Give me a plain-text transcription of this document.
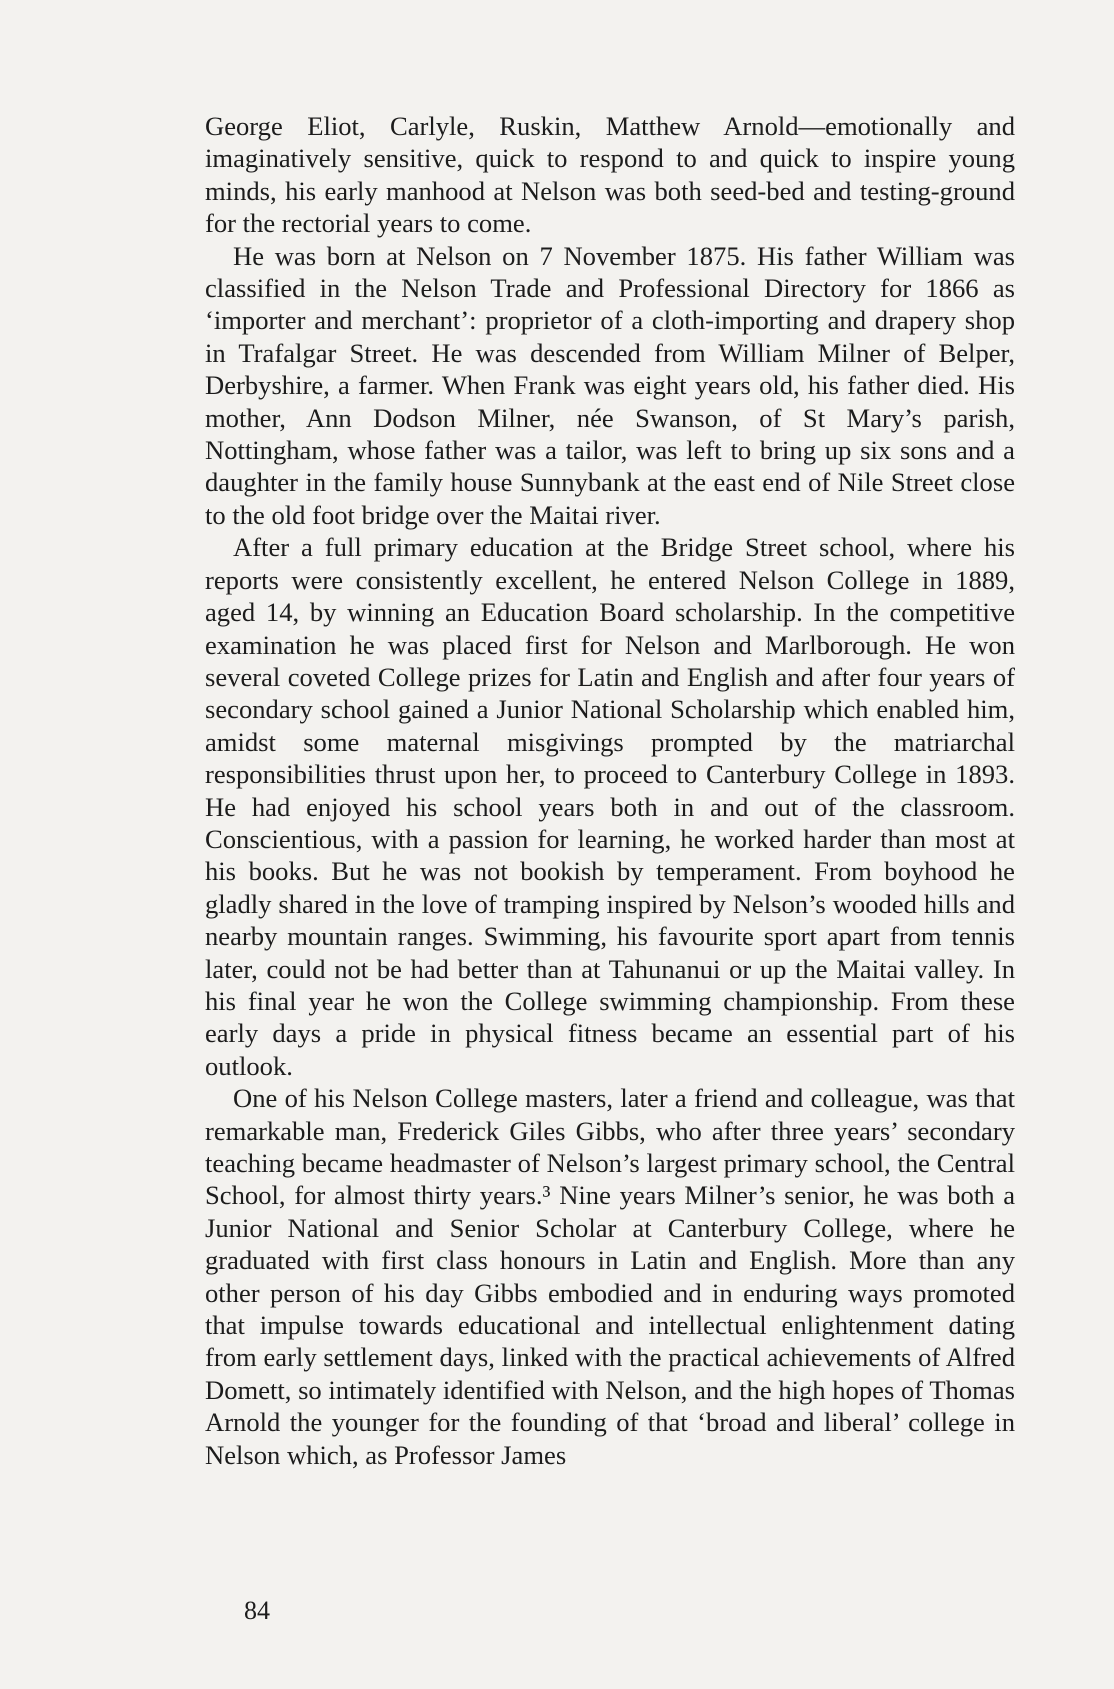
George Eliot, Carlyle, Ruskin, Matthew Arnold—emotionally and imaginatively sensitive, quick to respond to and quick to inspire young minds, his early manhood at Nelson was both seed-bed and testing-ground for the rectorial years to come.

He was born at Nelson on 7 November 1875. His father William was classified in the Nelson Trade and Professional Directory for 1866 as ‘importer and merchant’: proprietor of a cloth-importing and drapery shop in Trafalgar Street. He was descended from William Milner of Belper, Derbyshire, a farmer. When Frank was eight years old, his father died. His mother, Ann Dodson Milner, née Swanson, of St Mary’s parish, Nottingham, whose father was a tailor, was left to bring up six sons and a daughter in the family house Sunnybank at the east end of Nile Street close to the old foot bridge over the Maitai river.

After a full primary education at the Bridge Street school, where his reports were consistently excellent, he entered Nelson College in 1889, aged 14, by winning an Education Board scholarship. In the competitive examination he was placed first for Nelson and Marlborough. He won several coveted College prizes for Latin and English and after four years of secondary school gained a Junior National Scholarship which enabled him, amidst some maternal misgivings prompted by the matriarchal responsibilities thrust upon her, to proceed to Canterbury College in 1893. He had enjoyed his school years both in and out of the classroom. Conscientious, with a passion for learning, he worked harder than most at his books. But he was not bookish by temperament. From boyhood he gladly shared in the love of tramping inspired by Nelson’s wooded hills and nearby mountain ranges. Swimming, his favourite sport apart from tennis later, could not be had better than at Tahunanui or up the Maitai valley. In his final year he won the College swimming championship. From these early days a pride in physical fitness became an essential part of his outlook.

One of his Nelson College masters, later a friend and colleague, was that remarkable man, Frederick Giles Gibbs, who after three years’ secondary teaching became headmaster of Nelson’s largest primary school, the Central School, for almost thirty years.³ Nine years Milner’s senior, he was both a Junior National and Senior Scholar at Canterbury College, where he graduated with first class honours in Latin and English. More than any other person of his day Gibbs embodied and in enduring ways promoted that impulse towards educational and intellectual enlightenment dating from early settlement days, linked with the practical achievements of Alfred Domett, so intimately identified with Nelson, and the high hopes of Thomas Arnold the younger for the founding of that ‘broad and liberal’ college in Nelson which, as Professor James

84
